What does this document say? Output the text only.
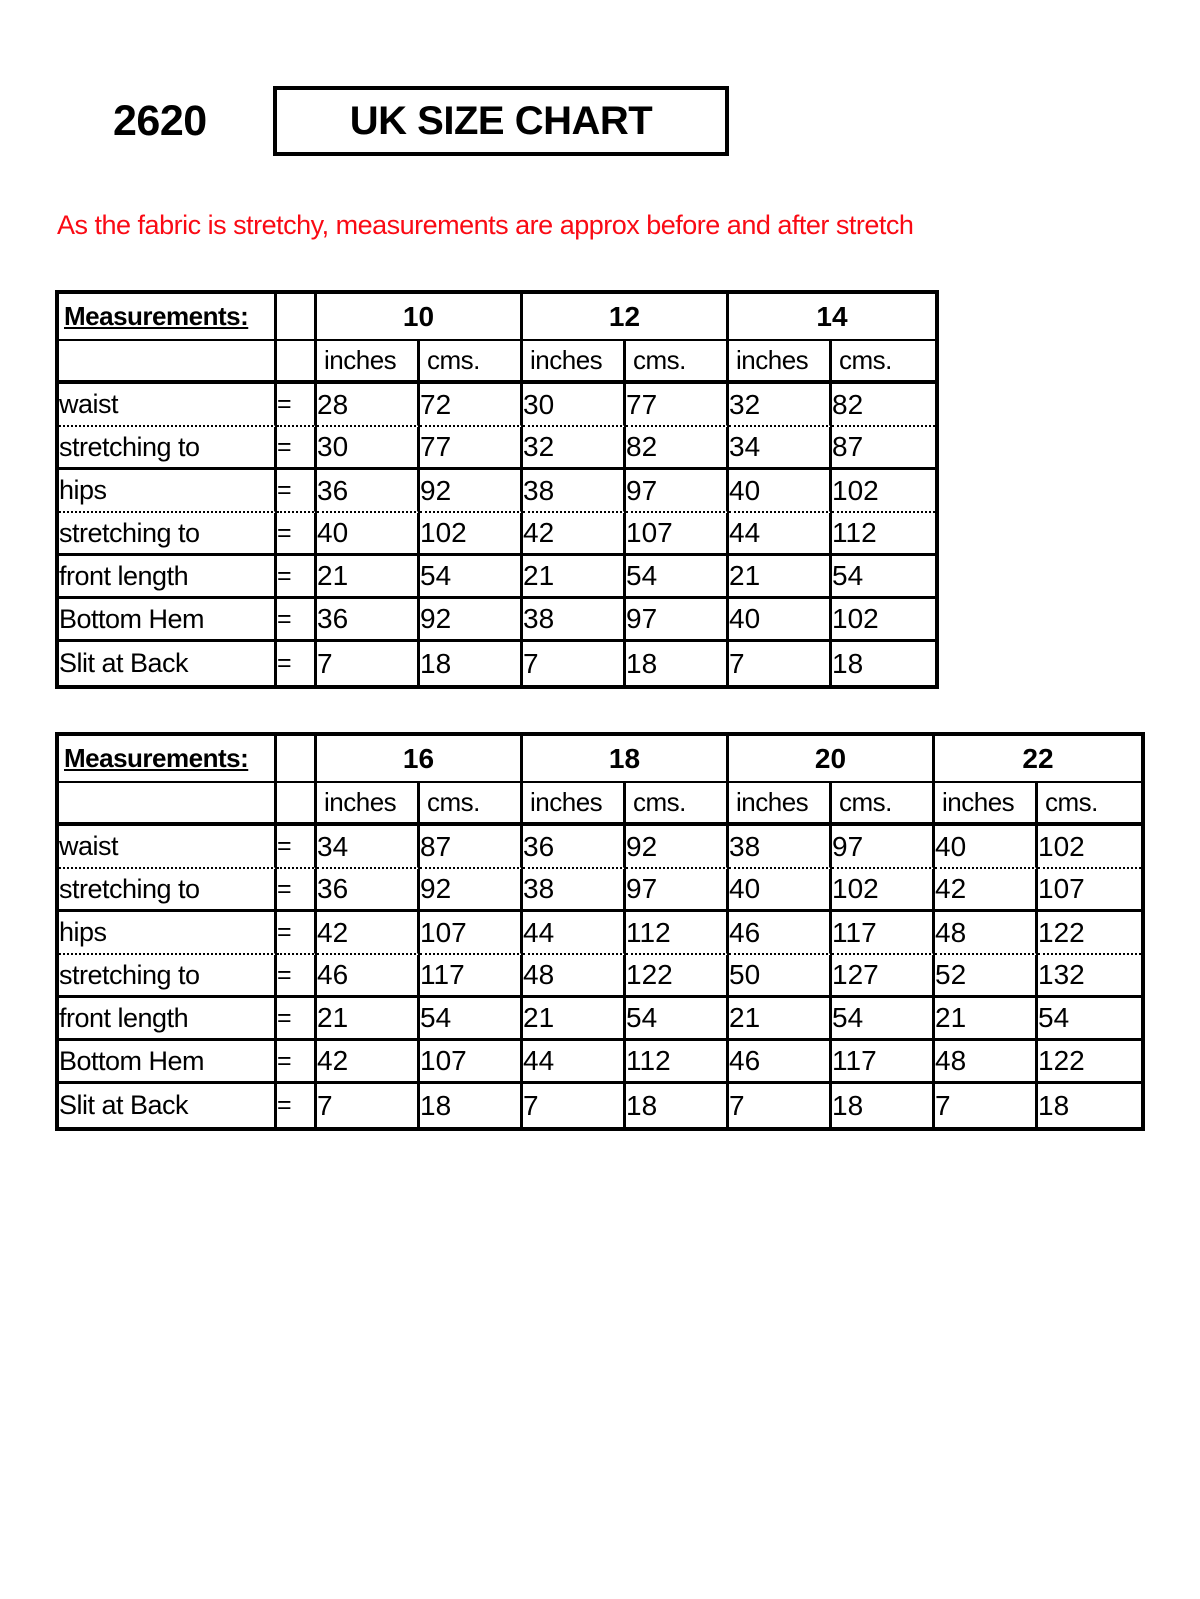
2620	UK SIZE CHART
As the fabric is stretchy, measurements are approx before and after stretch
Measurements:		10		12		14	
		inches	cms.	inches	cms.	inches	cms.
waist	=	28	72	30	77	32	82
stretching to	=	30	77	32	82	34	87
hips	=	36	92	38	97	40	102
stretching to	=	40	102	42	107	44	112
front length	=	21	54	21	54	21	54
Bottom Hem	=	36	92	38	97	40	102
Slit at Back	=	7	18	7	18	7	18
Measurements:		16		18		20		22	
		inches	cms.	inches	cms.	inches	cms.	inches	cms.
waist	=	34	87	36	92	38	97	40	102
stretching to	=	36	92	38	97	40	102	42	107
hips	=	42	107	44	112	46	117	48	122
stretching to	=	46	117	48	122	50	127	52	132
front length	=	21	54	21	54	21	54	21	54
Bottom Hem	=	42	107	44	112	46	117	48	122
Slit at Back	=	7	18	7	18	7	18	7	18
